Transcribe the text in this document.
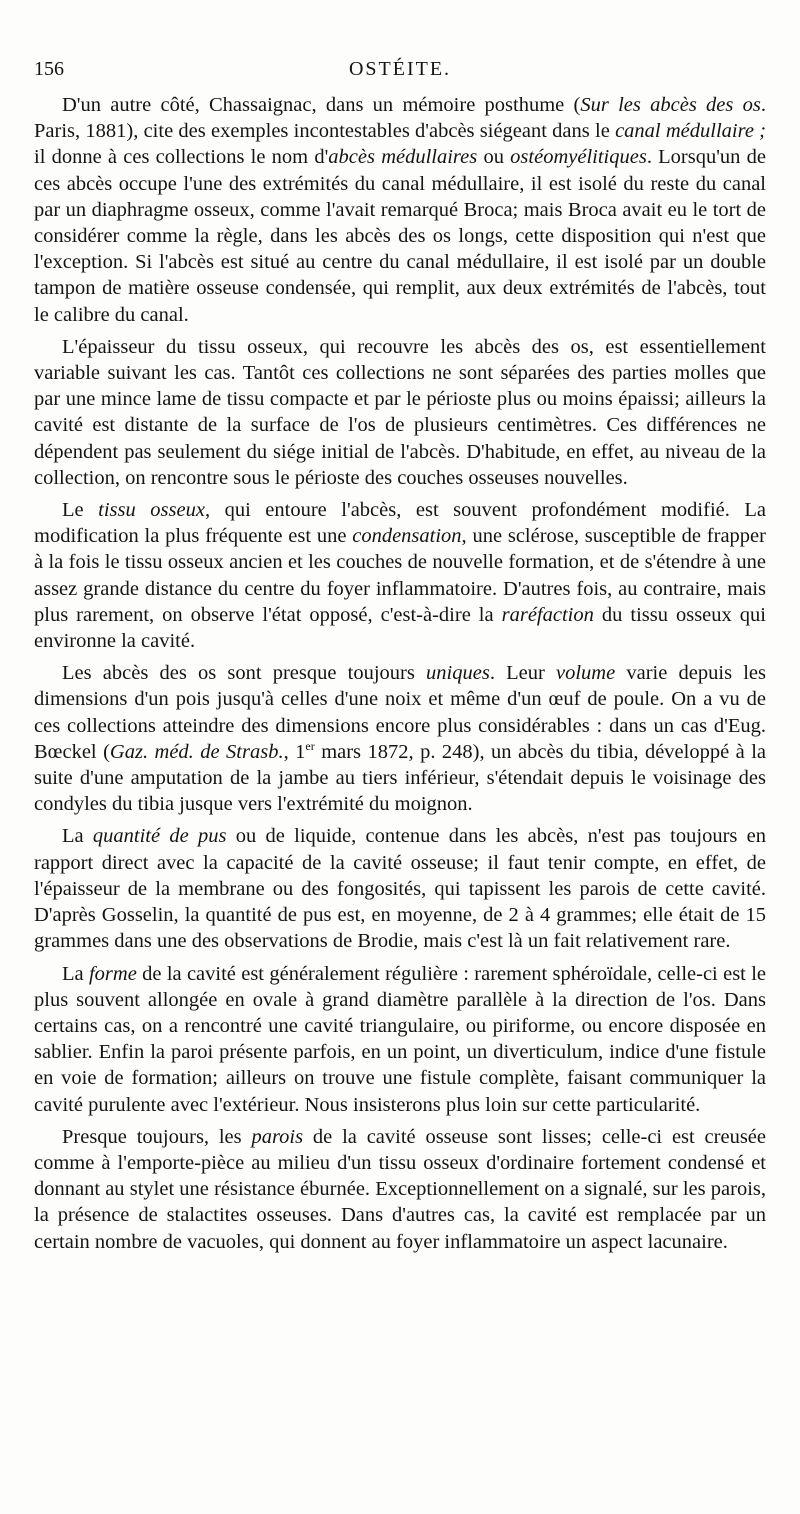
156	OSTÉITE.

D'un autre côté, Chassaignac, dans un mémoire posthume (Sur les abcès des os. Paris, 1881), cite des exemples incontestables d'abcès siégeant dans le canal médullaire ; il donne à ces collections le nom d'abcès médullaires ou ostéomyélitiques. Lorsqu'un de ces abcès occupe l'une des extrémités du canal médullaire, il est isolé du reste du canal par un diaphragme osseux, comme l'avait remarqué Broca; mais Broca avait eu le tort de considérer comme la règle, dans les abcès des os longs, cette disposition qui n'est que l'exception. Si l'abcès est situé au centre du canal médullaire, il est isolé par un double tampon de matière osseuse condensée, qui remplit, aux deux extrémités de l'abcès, tout le calibre du canal.

L'épaisseur du tissu osseux, qui recouvre les abcès des os, est essentiellement variable suivant les cas. Tantôt ces collections ne sont séparées des parties molles que par une mince lame de tissu compacte et par le périoste plus ou moins épaissi; ailleurs la cavité est distante de la surface de l'os de plusieurs centimètres. Ces différences ne dépendent pas seulement du siége initial de l'abcès. D'habitude, en effet, au niveau de la collection, on rencontre sous le périoste des couches osseuses nouvelles.

Le tissu osseux, qui entoure l'abcès, est souvent profondément modifié. La modification la plus fréquente est une condensation, une sclérose, susceptible de frapper à la fois le tissu osseux ancien et les couches de nouvelle formation, et de s'étendre à une assez grande distance du centre du foyer inflammatoire. D'autres fois, au contraire, mais plus rarement, on observe l'état opposé, c'est-à-dire la raréfaction du tissu osseux qui environne la cavité.

Les abcès des os sont presque toujours uniques. Leur volume varie depuis les dimensions d'un pois jusqu'à celles d'une noix et même d'un œuf de poule. On a vu de ces collections atteindre des dimensions encore plus considérables : dans un cas d'Eug. Bœckel (Gaz. méd. de Strasb., 1er mars 1872, p. 248), un abcès du tibia, développé à la suite d'une amputation de la jambe au tiers inférieur, s'étendait depuis le voisinage des condyles du tibia jusque vers l'extrémité du moignon.

La quantité de pus ou de liquide, contenue dans les abcès, n'est pas toujours en rapport direct avec la capacité de la cavité osseuse; il faut tenir compte, en effet, de l'épaisseur de la membrane ou des fongosités, qui tapissent les parois de cette cavité. D'après Gosselin, la quantité de pus est, en moyenne, de 2 à 4 grammes; elle était de 15 grammes dans une des observations de Brodie, mais c'est là un fait relativement rare.

La forme de la cavité est généralement régulière : rarement sphéroïdale, celle-ci est le plus souvent allongée en ovale à grand diamètre parallèle à la direction de l'os. Dans certains cas, on a rencontré une cavité triangulaire, ou piriforme, ou encore disposée en sablier. Enfin la paroi présente parfois, en un point, un diverticulum, indice d'une fistule en voie de formation; ailleurs on trouve une fistule complète, faisant communiquer la cavité purulente avec l'extérieur. Nous insisterons plus loin sur cette particularité.

Presque toujours, les parois de la cavité osseuse sont lisses; celle-ci est creusée comme à l'emporte-pièce au milieu d'un tissu osseux d'ordinaire fortement condensé et donnant au stylet une résistance éburnée. Exceptionnellement on a signalé, sur les parois, la présence de stalactites osseuses. Dans d'autres cas, la cavité est remplacée par un certain nombre de vacuoles, qui donnent au foyer inflammatoire un aspect lacunaire.
